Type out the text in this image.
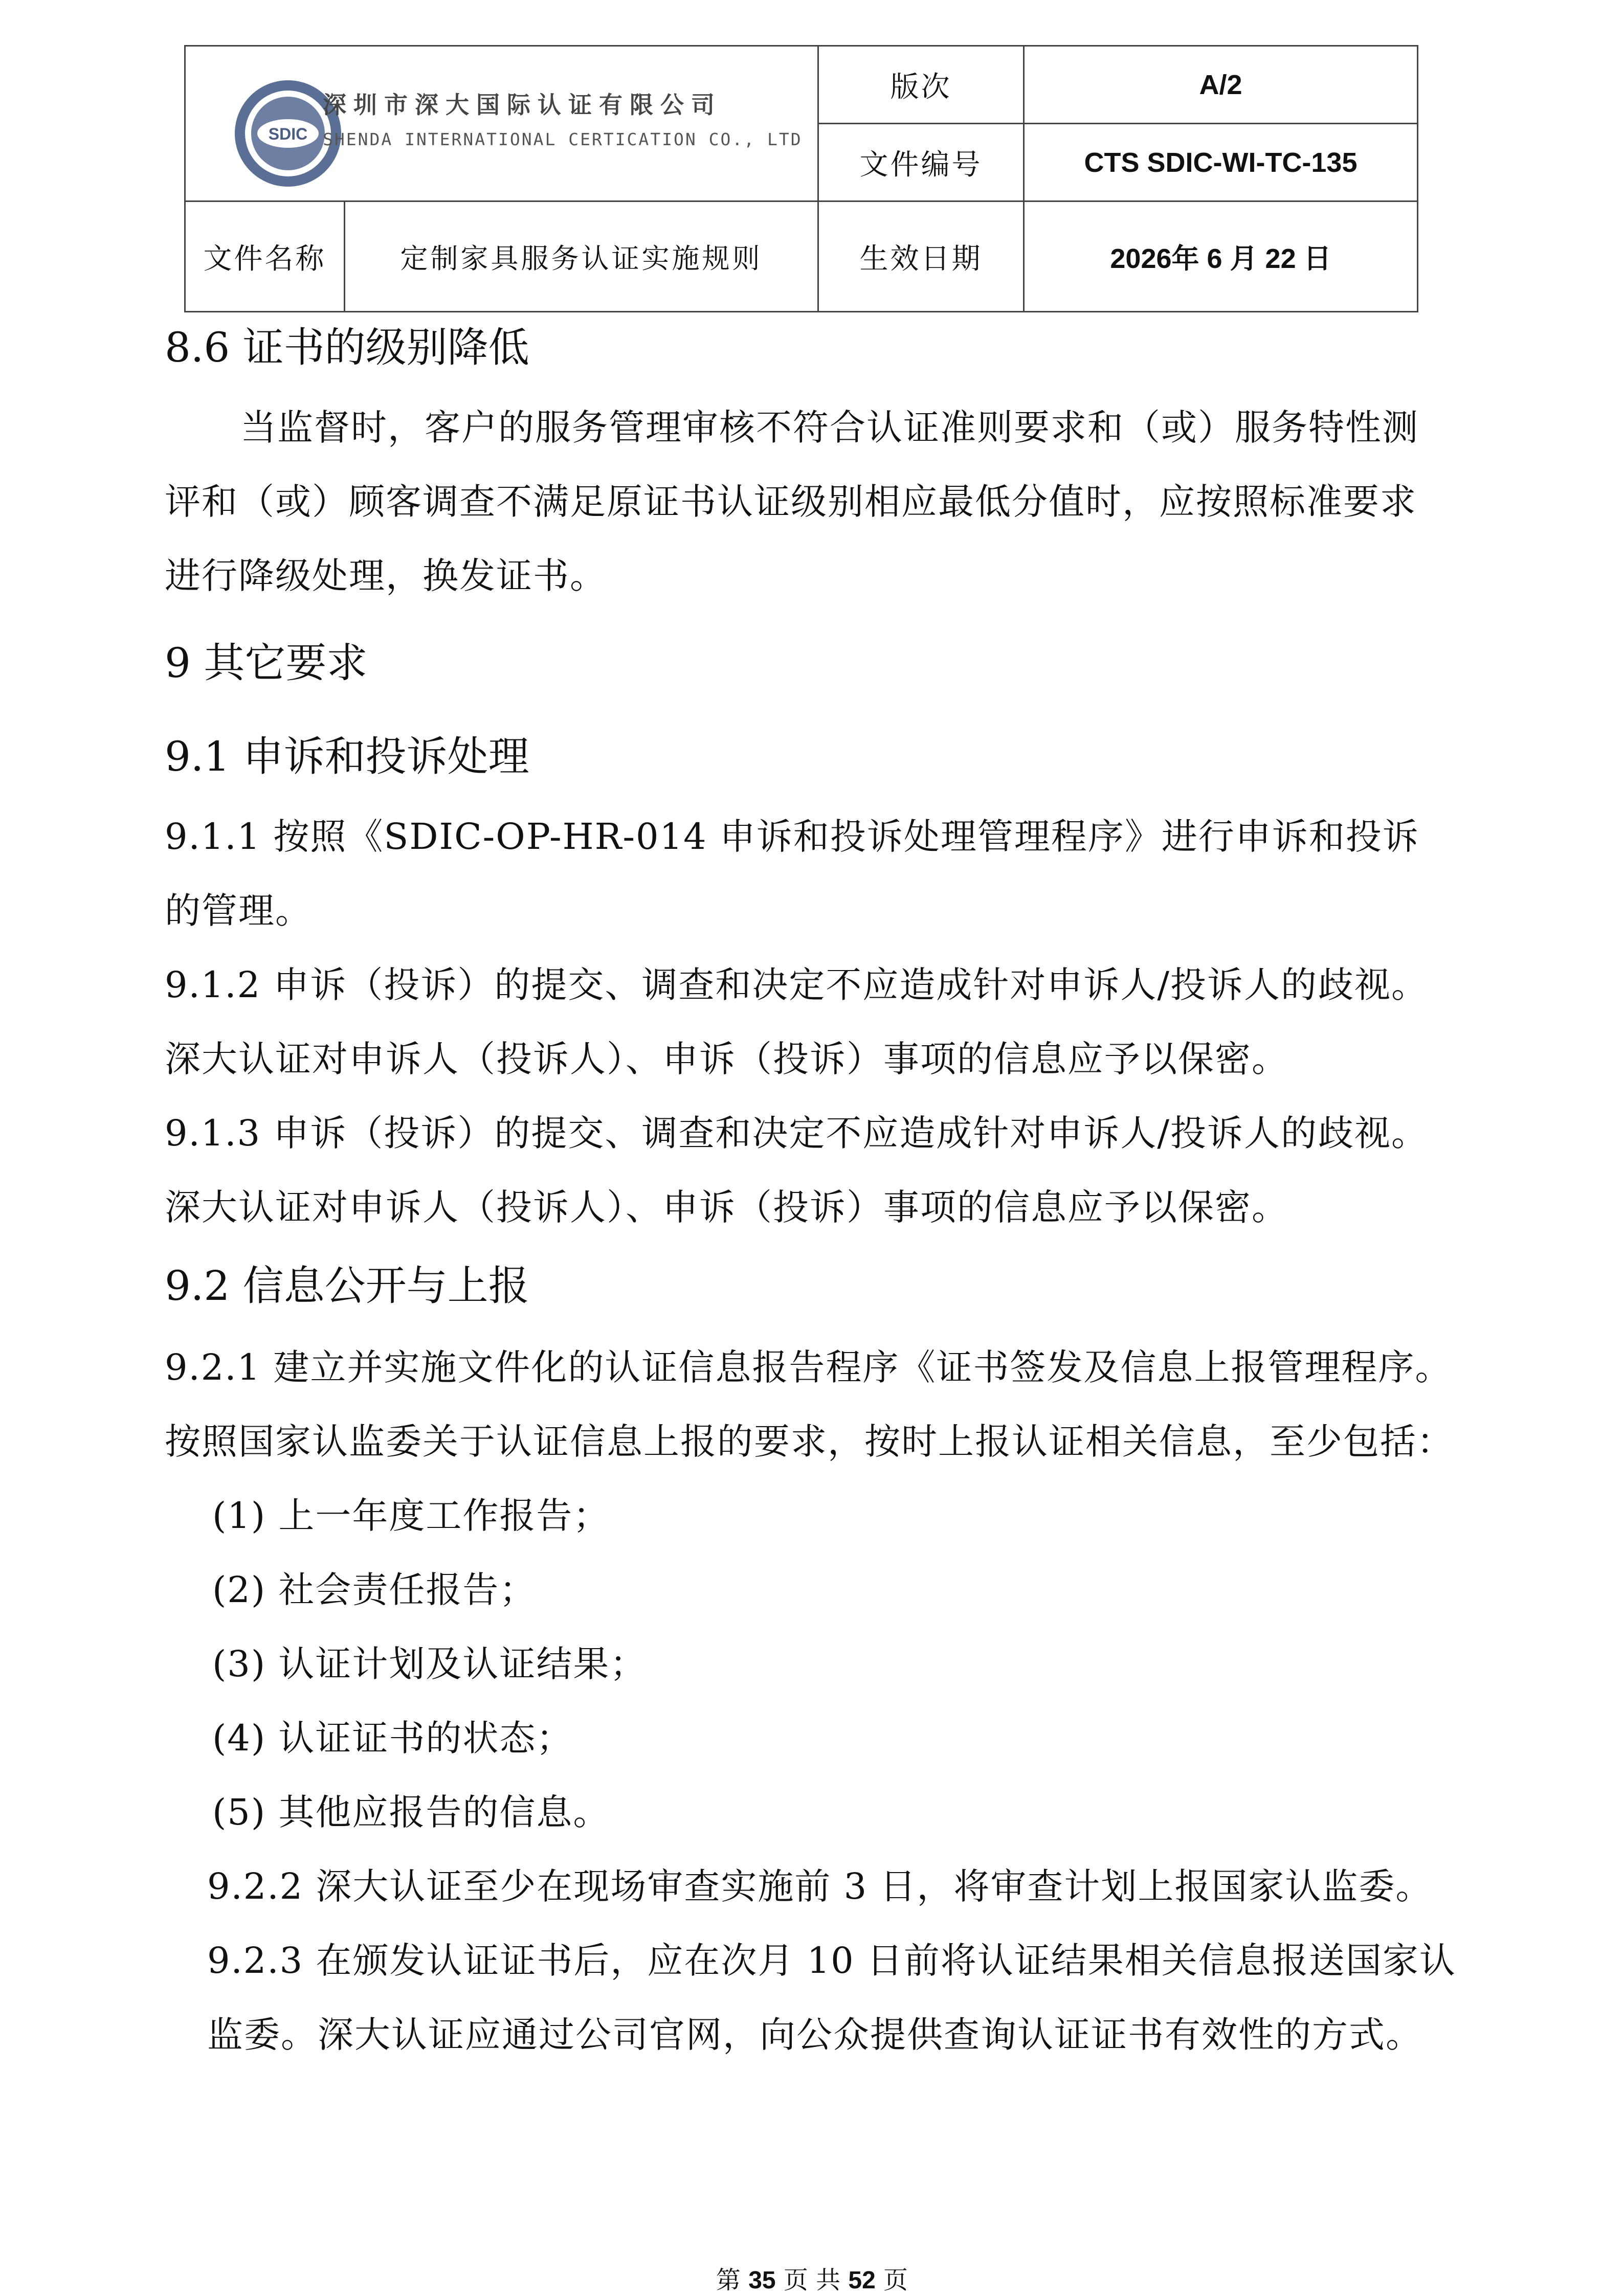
SDIC
深圳市深大国际认证有限公司
SHENDA INTERNATIONAL CERTICATION CO., LTD		版次	A/2
		文件编号	CTS SDIC-WI-TC-135
文件名称	定制家具服务认证实施规则	生效日期	2026年 6 月 22 日
8.6 证书的级别降低
当监督时，客户的服务管理审核不符合认证准则要求和（或）服务特性测
评和（或）顾客调查不满足原证书认证级别相应最低分值时，应按照标准要求
进行降级处理，换发证书。
9 其它要求
9.1 申诉和投诉处理
9.1.1 按照《SDIC-OP-HR-014 申诉和投诉处理管理程序》进行申诉和投诉
的管理。
9.1.2 申诉（投诉）的提交、调查和决定不应造成针对申诉人/投诉人的歧视。
深大认证对申诉人（投诉人）、申诉（投诉）事项的信息应予以保密。
9.1.3 申诉（投诉）的提交、调查和决定不应造成针对申诉人/投诉人的歧视。
深大认证对申诉人（投诉人）、申诉（投诉）事项的信息应予以保密。
9.2 信息公开与上报
9.2.1 建立并实施文件化的认证信息报告程序《证书签发及信息上报管理程序。
按照国家认监委关于认证信息上报的要求，按时上报认证相关信息，至少包括：
(1) 上一年度工作报告；
(2) 社会责任报告；
(3) 认证计划及认证结果；
(4) 认证证书的状态；
(5) 其他应报告的信息。
9.2.2 深大认证至少在现场审查实施前 3 日，将审查计划上报国家认监委。
9.2.3 在颁发认证证书后，应在次月 10 日前将认证结果相关信息报送国家认
监委。深大认证应通过公司官网，向公众提供查询认证证书有效性的方式。
第 35 页 共 52 页
